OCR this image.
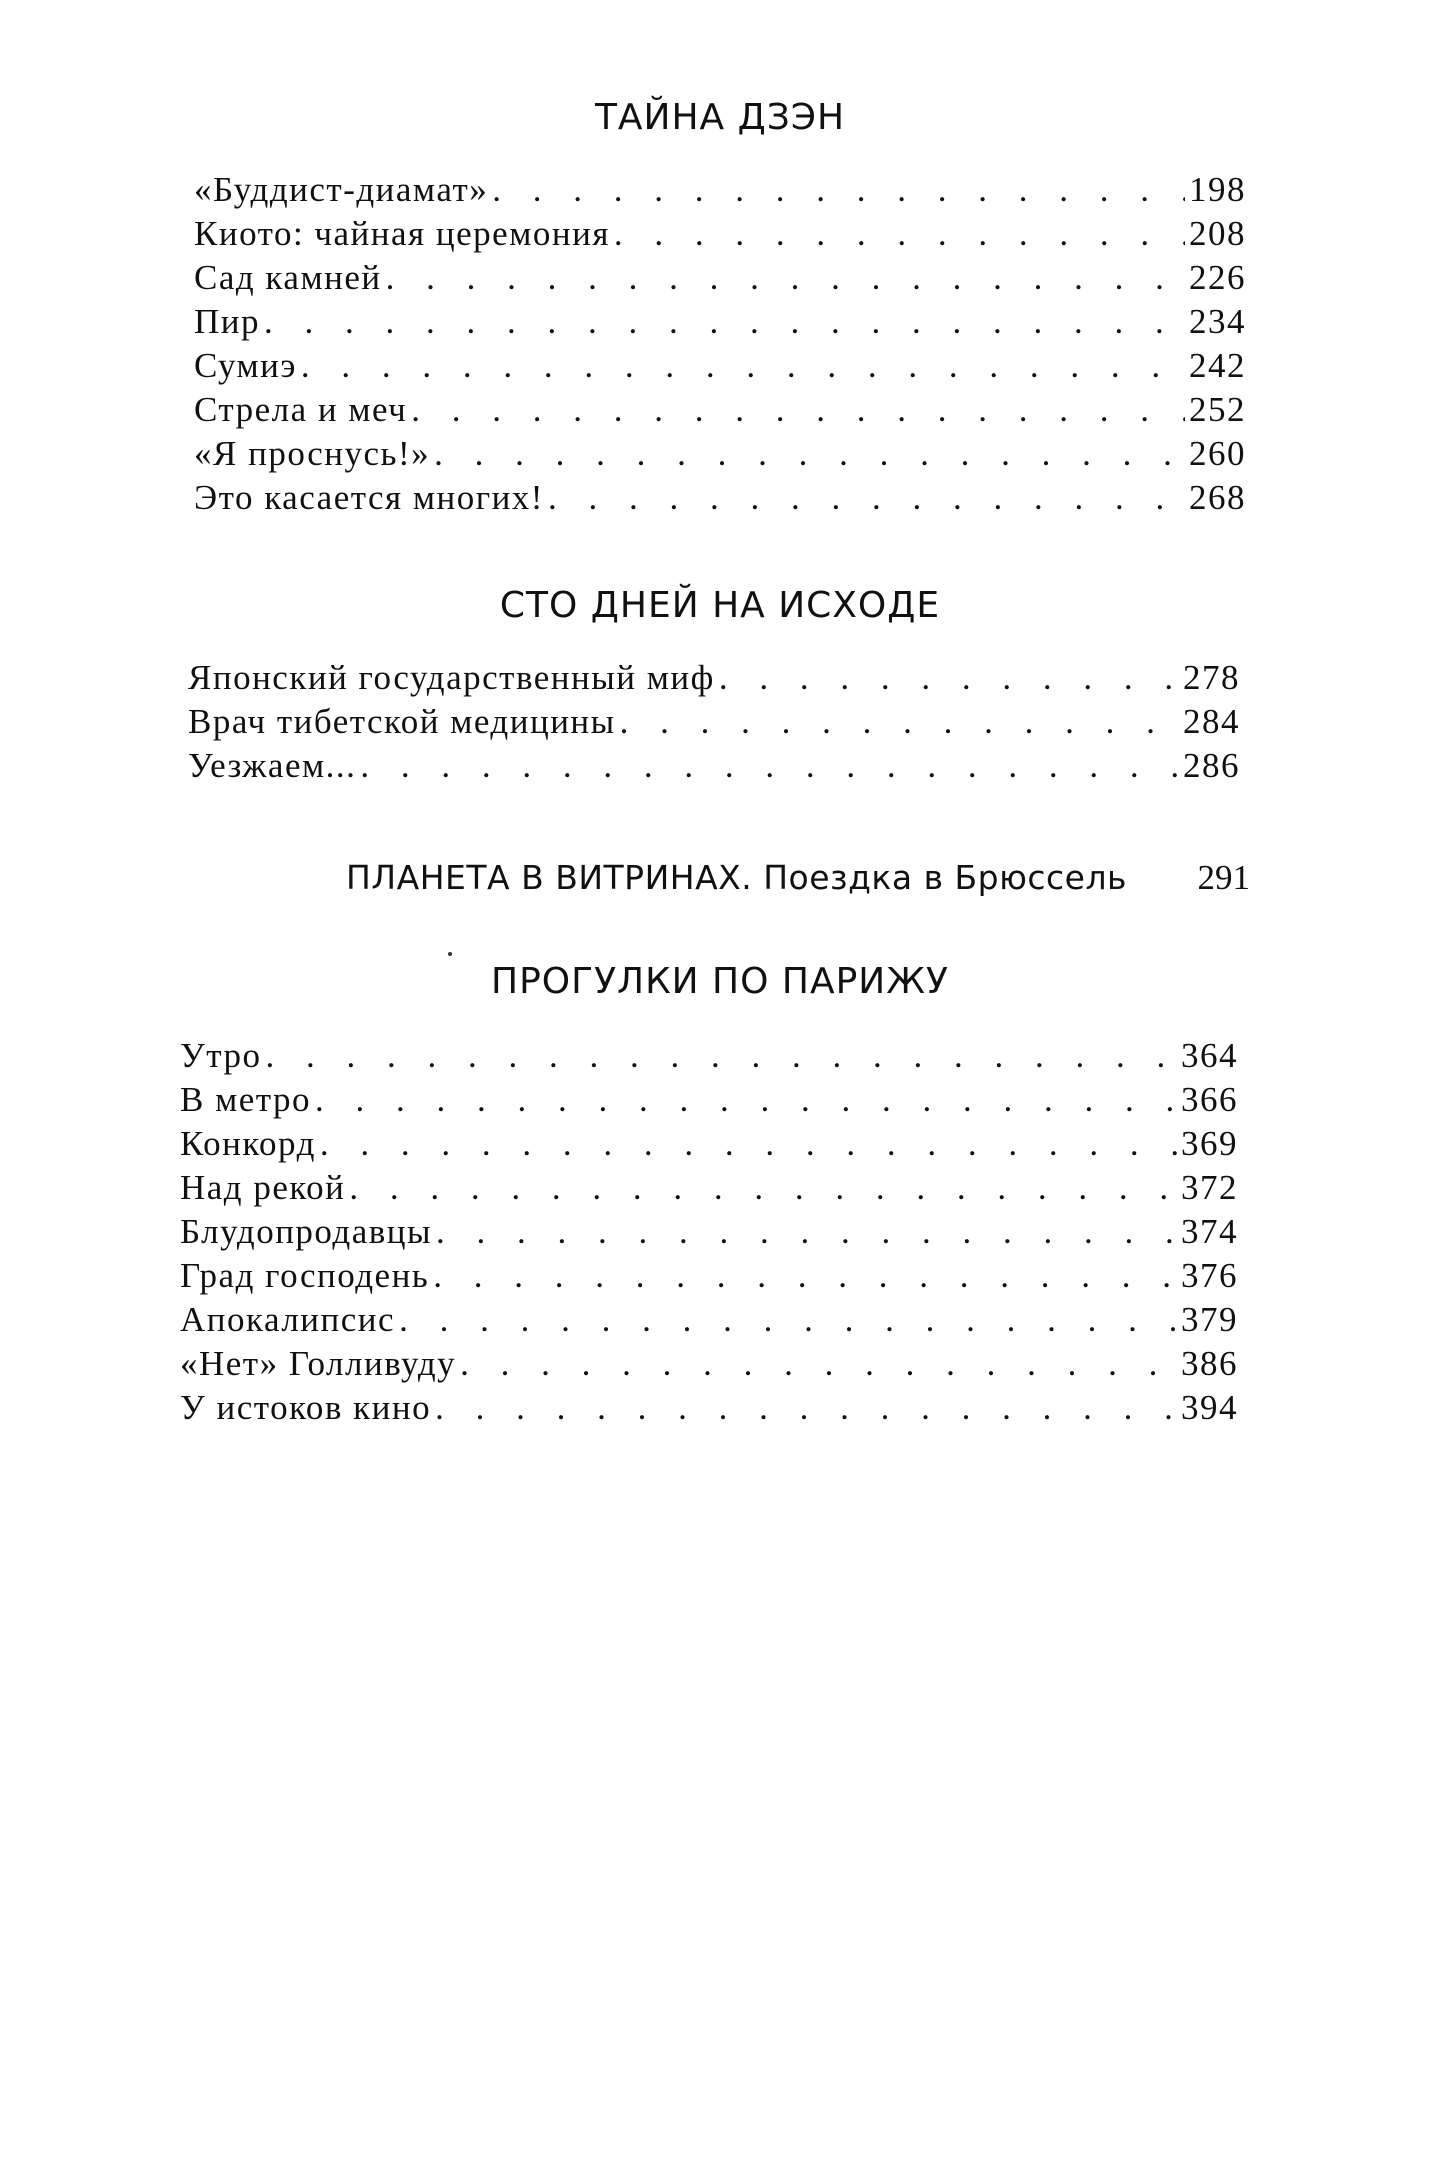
ТАЙНА ДЗЭН
«Буддист-диамат» . . .	198
Киото: чайная церемония . . .	208
Сад камней . . .	226
Пир . . .	234
Сумиэ . . .	242
Стрела и меч . . .	252
«Я проснусь!» . . .	260
Это касается многих! . . .	268
СТО ДНЕЙ НА ИСХОДЕ
Японский государственный миф . . .	278
Врач тибетской медицины . . .	284
Уезжаем... . . .	286
ПЛАНЕТА В ВИТРИНАХ. Поездка в Брюссель 291
ПРОГУЛКИ ПО ПАРИЖУ
Утро . . .	364
В метро . . .	366
Конкорд . . .	369
Над рекой . . .	372
Блудопродавцы . . .	374
Град господень . . .	376
Апокалипсис . . .	379
«Нет» Голливуду . . .	386
У истоков кино . . .	394
